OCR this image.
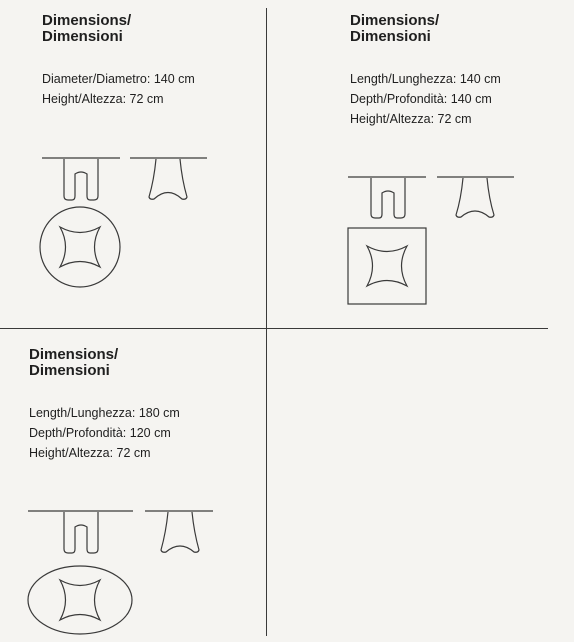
Dimensions/
Dimensioni
Diameter/Diametro: 140 cm
Height/Altezza: 72 cm
Dimensions/
Dimensioni
Length/Lunghezza: 140 cm
Depth/Profondità: 140 cm
Height/Altezza: 72 cm
Dimensions/
Dimensioni
Length/Lunghezza: 180 cm
Depth/Profondità: 120 cm
Height/Altezza: 72 cm
